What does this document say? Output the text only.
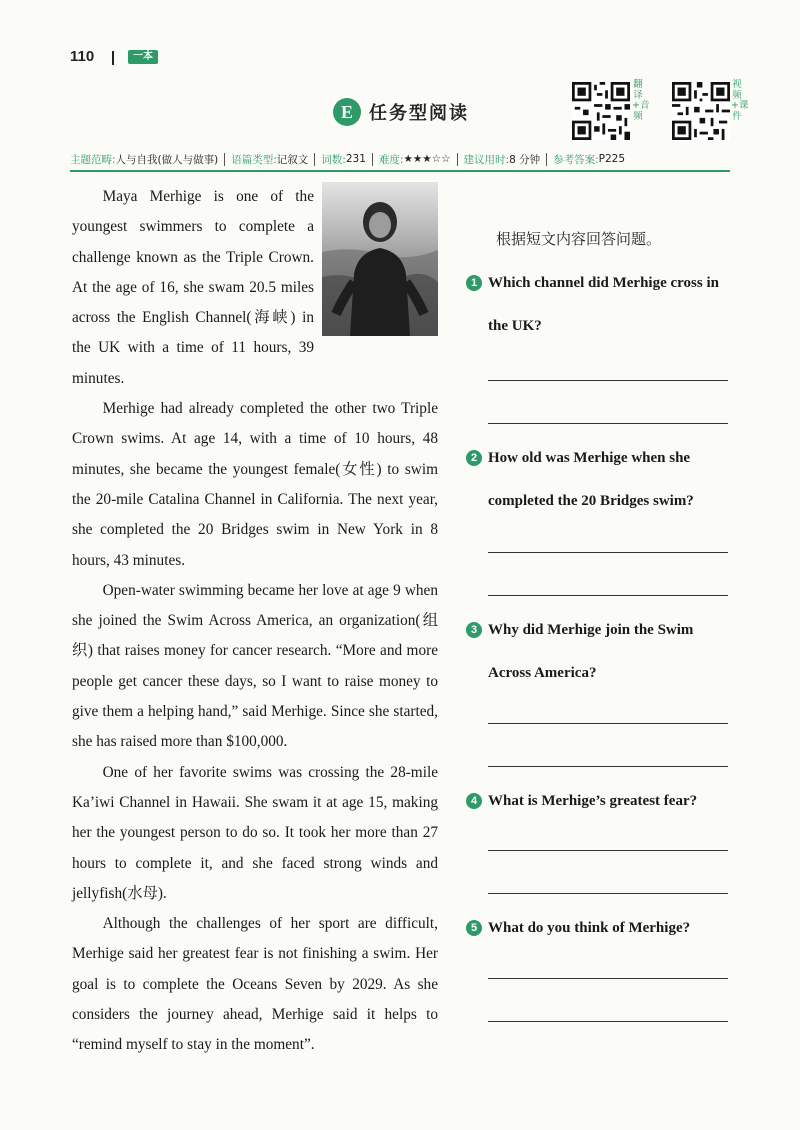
110	一本
E 任务型阅读
翻译+音频
视频+课件
主题范畴: 人与自我(做人与做事) 语篇类型: 记叙文 词数: 231 难度: ★★★☆☆ 建议用时: 8 分钟 参考答案: P225

Maya Merhige is one of the youngest swimmers to complete a challenge known as the Triple Crown. At the age of 16, she swam 20.5 miles across the English Channel(海峡) in the UK with a time of 11 hours, 39 minutes.

Merhige had already completed the other two Triple Crown swims. At age 14, with a time of 10 hours, 48 minutes, she became the youngest female(女性) to swim the 20-mile Catalina Channel in California. The next year, she completed the 20 Bridges swim in New York in 8 hours, 43 minutes.

Open-water swimming became her love at age 9 when she joined the Swim Across America, an organization(组织) that raises money for cancer research. “More and more people get cancer these days, so I want to raise money to give them a helping hand,” said Merhige. Since she started, she has raised more than $100,000.

One of her favorite swims was crossing the 28-mile Ka’iwi Channel in Hawaii. She swam it at age 15, making her the youngest person to do so. It took her more than 27 hours to complete it, and she faced strong winds and jellyfish(水母).

Although the challenges of her sport are difficult, Merhige said her greatest fear is not finishing a swim. Her goal is to complete the Oceans Seven by 2029. As she considers the journey ahead, Merhige said it helps to “remind myself to stay in the moment”.

根据短文内容回答问题。
1 Which channel did Merhige cross in the UK?
2 How old was Merhige when she completed the 20 Bridges swim?
3 Why did Merhige join the Swim Across America?
4 What is Merhige’s greatest fear?
5 What do you think of Merhige?
